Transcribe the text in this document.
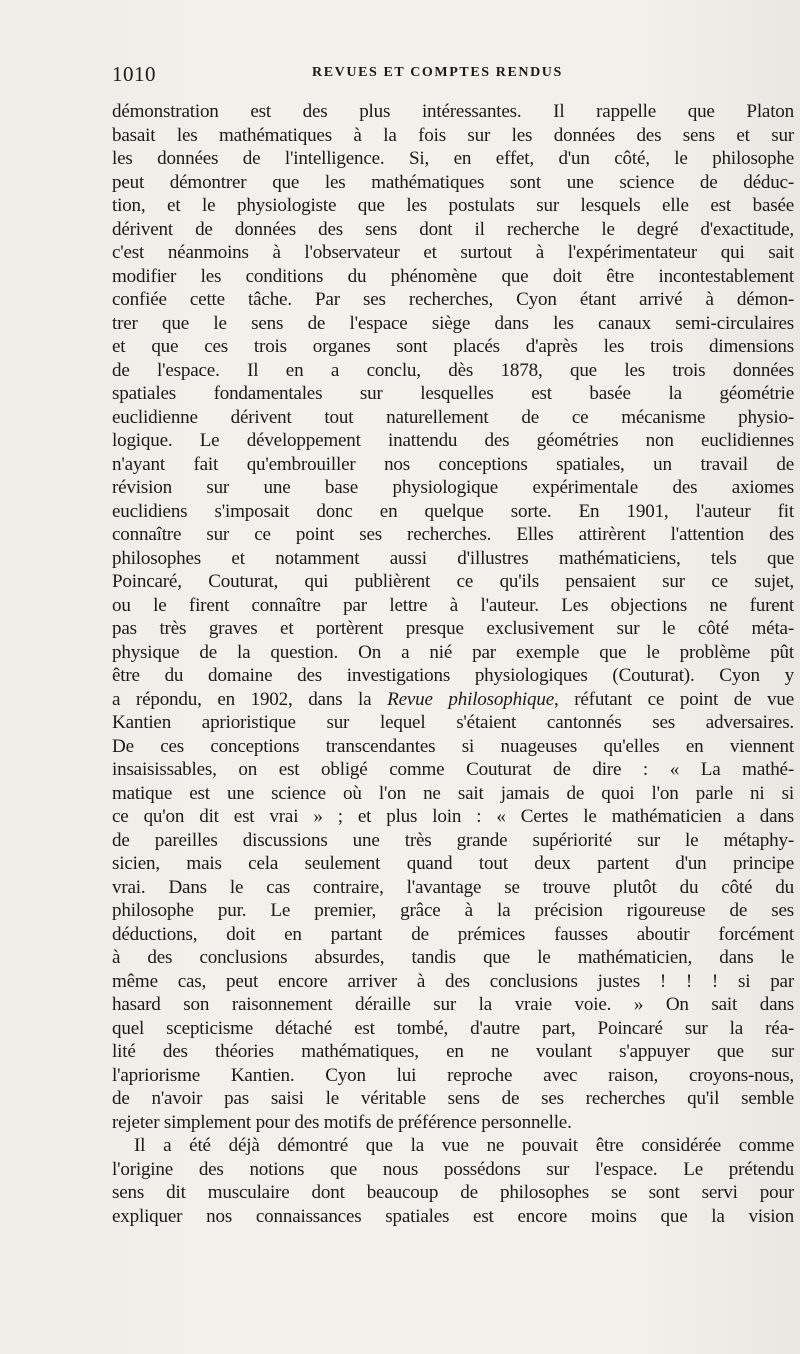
1010	REVUES ET COMPTES RENDUS
démonstration est des plus intéressantes. Il rappelle que Platon
basait les mathématiques à la fois sur les données des sens et sur
les données de l'intelligence. Si, en effet, d'un côté, le philosophe
peut démontrer que les mathématiques sont une science de déduc-
tion, et le physiologiste que les postulats sur lesquels elle est basée
dérivent de données des sens dont il recherche le degré d'exactitude,
c'est néanmoins à l'observateur et surtout à l'expérimentateur qui sait
modifier les conditions du phénomène que doit être incontestablement
confiée cette tâche. Par ses recherches, Cyon étant arrivé à démon-
trer que le sens de l'espace siège dans les canaux semi-circulaires
et que ces trois organes sont placés d'après les trois dimensions
de l'espace. Il en a conclu, dès 1878, que les trois données
spatiales fondamentales sur lesquelles est basée la géométrie
euclidienne dérivent tout naturellement de ce mécanisme physio-
logique. Le développement inattendu des géométries non euclidiennes
n'ayant fait qu'embrouiller nos conceptions spatiales, un travail de
révision sur une base physiologique expérimentale des axiomes
euclidiens s'imposait donc en quelque sorte. En 1901, l'auteur fit
connaître sur ce point ses recherches. Elles attirèrent l'attention des
philosophes et notamment aussi d'illustres mathématiciens, tels que
Poincaré, Couturat, qui publièrent ce qu'ils pensaient sur ce sujet,
ou le firent connaître par lettre à l'auteur. Les objections ne furent
pas très graves et portèrent presque exclusivement sur le côté méta-
physique de la question. On a nié par exemple que le problème pût
être du domaine des investigations physiologiques (Couturat). Cyon y
a répondu, en 1902, dans la Revue philosophique, réfutant ce point de vue
Kantien aprioristique sur lequel s'étaient cantonnés ses adversaires.
De ces conceptions transcendantes si nuageuses qu'elles en viennent
insaisissables, on est obligé comme Couturat de dire : « La mathé-
matique est une science où l'on ne sait jamais de quoi l'on parle ni si
ce qu'on dit est vrai » ; et plus loin : « Certes le mathématicien a dans
de pareilles discussions une très grande supériorité sur le métaphy-
sicien, mais cela seulement quand tout deux partent d'un principe
vrai. Dans le cas contraire, l'avantage se trouve plutôt du côté du
philosophe pur. Le premier, grâce à la précision rigoureuse de ses
déductions, doit en partant de prémices fausses aboutir forcément
à des conclusions absurdes, tandis que le mathématicien, dans le
même cas, peut encore arriver à des conclusions justes ! ! ! si par
hasard son raisonnement déraille sur la vraie voie. » On sait dans
quel scepticisme détaché est tombé, d'autre part, Poincaré sur la réa-
lité des théories mathématiques, en ne voulant s'appuyer que sur
l'apriorisme Kantien. Cyon lui reproche avec raison, croyons-nous,
de n'avoir pas saisi le véritable sens de ses recherches qu'il semble
rejeter simplement pour des motifs de préférence personnelle.
Il a été déjà démontré que la vue ne pouvait être considérée comme
l'origine des notions que nous possédons sur l'espace. Le prétendu
sens dit musculaire dont beaucoup de philosophes se sont servi pour
expliquer nos connaissances spatiales est encore moins que la vision
